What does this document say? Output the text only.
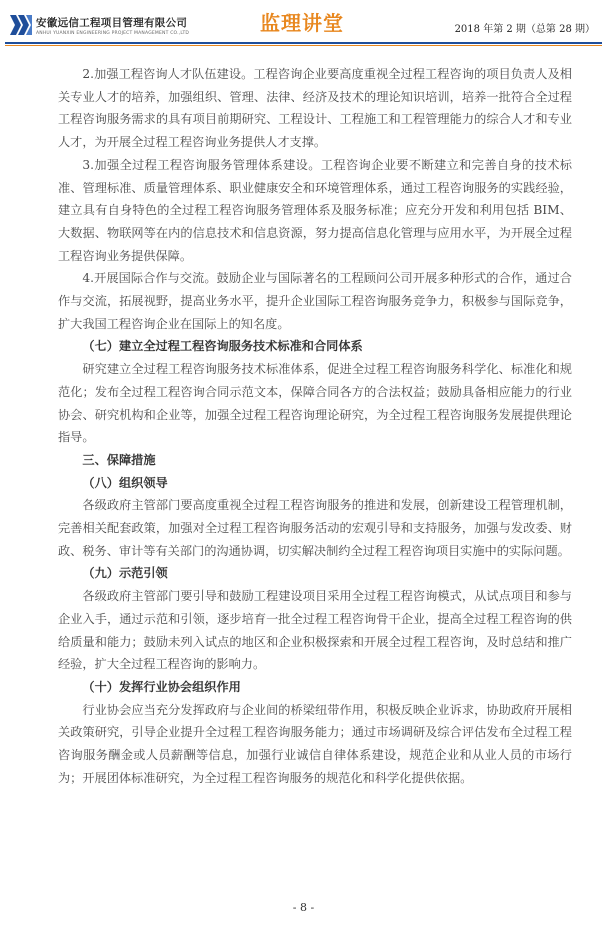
安徽远信工程项目管理有限公司
ANHUI YUANXIN ENGINEERING PROJECT MANAGEMENT CO.,LTD	监理讲堂	2018 年第 2 期（总第 28 期）

2.加强工程咨询人才队伍建设。工程咨询企业要高度重视全过程工程咨询的项目负责人及相关专业人才的培养，加强组织、管理、法律、经济及技术的理论知识培训，培养一批符合全过程工程咨询服务需求的具有项目前期研究、工程设计、工程施工和工程管理能力的综合人才和专业人才，为开展全过程工程咨询业务提供人才支撑。

3.加强全过程工程咨询服务管理体系建设。工程咨询企业要不断建立和完善自身的技术标准、管理标准、质量管理体系、职业健康安全和环境管理体系，通过工程咨询服务的实践经验，建立具有自身特色的全过程工程咨询服务管理体系及服务标准；应充分开发和利用包括 BIM、大数据、物联网等在内的信息技术和信息资源，努力提高信息化管理与应用水平，为开展全过程工程咨询业务提供保障。

4.开展国际合作与交流。鼓励企业与国际著名的工程顾问公司开展多种形式的合作，通过合作与交流，拓展视野，提高业务水平，提升企业国际工程咨询服务竞争力，积极参与国际竞争，扩大我国工程咨询企业在国际上的知名度。

（七）建立全过程工程咨询服务技术标准和合同体系

研究建立全过程工程咨询服务技术标准体系，促进全过程工程咨询服务科学化、标准化和规范化；发布全过程工程咨询合同示范文本，保障合同各方的合法权益；鼓励具备相应能力的行业协会、研究机构和企业等，加强全过程工程咨询理论研究，为全过程工程咨询服务发展提供理论指导。

三、保障措施

（八）组织领导

各级政府主管部门要高度重视全过程工程咨询服务的推进和发展，创新建设工程管理机制，完善相关配套政策，加强对全过程工程咨询服务活动的宏观引导和支持服务，加强与发改委、财政、税务、审计等有关部门的沟通协调，切实解决制约全过程工程咨询项目实施中的实际问题。

（九）示范引领

各级政府主管部门要引导和鼓励工程建设项目采用全过程工程咨询模式，从试点项目和参与企业入手，通过示范和引领，逐步培育一批全过程工程咨询骨干企业，提高全过程工程咨询的供给质量和能力；鼓励未列入试点的地区和企业积极探索和开展全过程工程咨询，及时总结和推广经验，扩大全过程工程咨询的影响力。

（十）发挥行业协会组织作用

行业协会应当充分发挥政府与企业间的桥梁纽带作用，积极反映企业诉求，协助政府开展相关政策研究，引导企业提升全过程工程咨询服务能力；通过市场调研及综合评估发布全过程工程咨询服务酬金或人员薪酬等信息，加强行业诚信自律体系建设，规范企业和从业人员的市场行为；开展团体标准研究，为全过程工程咨询服务的规范化和科学化提供依据。

- 8 -
